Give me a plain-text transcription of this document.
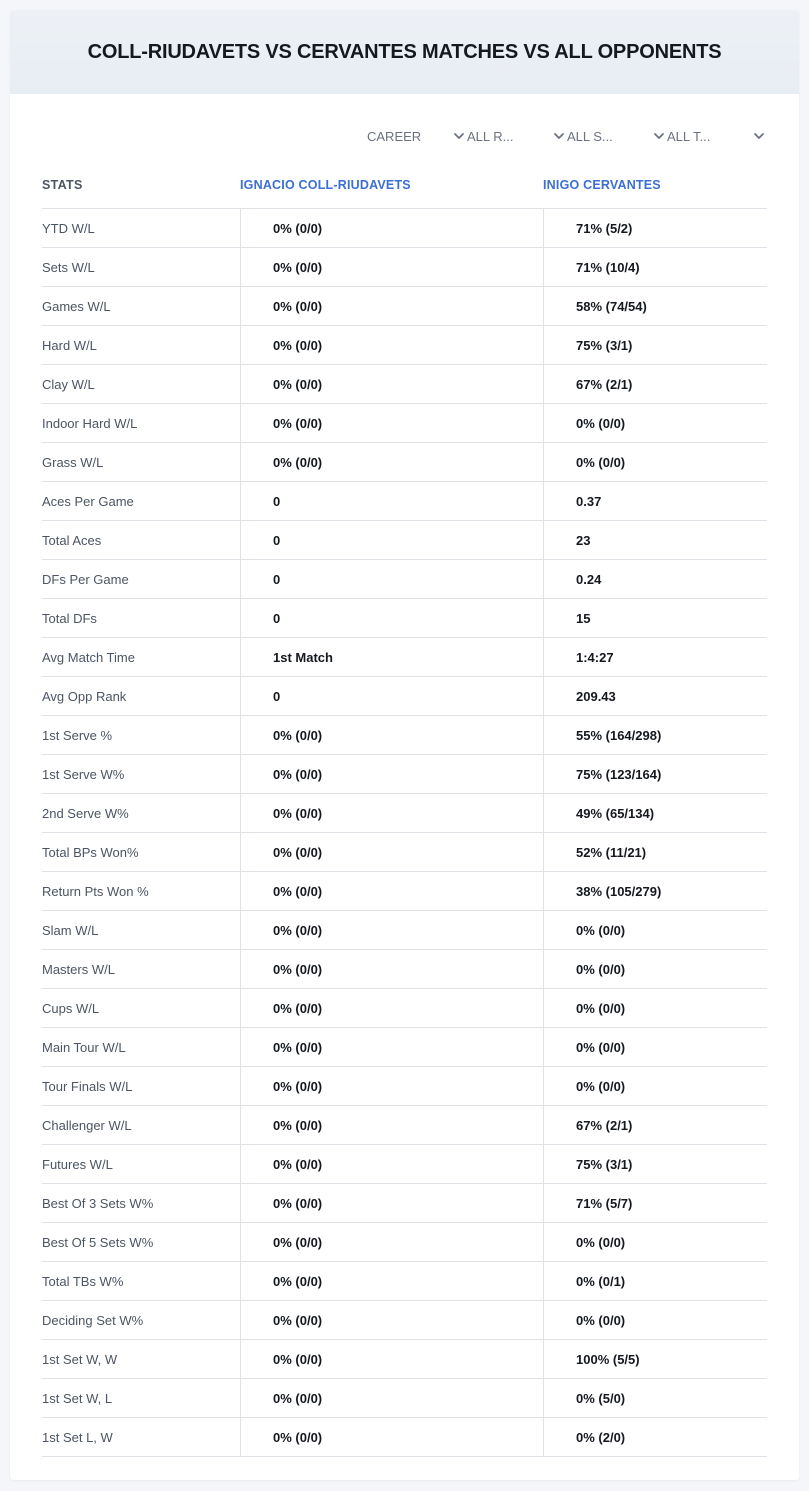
COLL-RIUDAVETS VS CERVANTES MATCHES VS ALL OPPONENTS
CAREER	ALL R...	ALL S...	ALL T...
STATS	IGNACIO COLL-RIUDAVETS	INIGO CERVANTES
YTD W/L	0% (0/0)	71% (5/2)
Sets W/L	0% (0/0)	71% (10/4)
Games W/L	0% (0/0)	58% (74/54)
Hard W/L	0% (0/0)	75% (3/1)
Clay W/L	0% (0/0)	67% (2/1)
Indoor Hard W/L	0% (0/0)	0% (0/0)
Grass W/L	0% (0/0)	0% (0/0)
Aces Per Game	0	0.37
Total Aces	0	23
DFs Per Game	0	0.24
Total DFs	0	15
Avg Match Time	1st Match	1:4:27
Avg Opp Rank	0	209.43
1st Serve %	0% (0/0)	55% (164/298)
1st Serve W%	0% (0/0)	75% (123/164)
2nd Serve W%	0% (0/0)	49% (65/134)
Total BPs Won%	0% (0/0)	52% (11/21)
Return Pts Won %	0% (0/0)	38% (105/279)
Slam W/L	0% (0/0)	0% (0/0)
Masters W/L	0% (0/0)	0% (0/0)
Cups W/L	0% (0/0)	0% (0/0)
Main Tour W/L	0% (0/0)	0% (0/0)
Tour Finals W/L	0% (0/0)	0% (0/0)
Challenger W/L	0% (0/0)	67% (2/1)
Futures W/L	0% (0/0)	75% (3/1)
Best Of 3 Sets W%	0% (0/0)	71% (5/7)
Best Of 5 Sets W%	0% (0/0)	0% (0/0)
Total TBs W%	0% (0/0)	0% (0/1)
Deciding Set W%	0% (0/0)	0% (0/0)
1st Set W, W	0% (0/0)	100% (5/5)
1st Set W, L	0% (0/0)	0% (5/0)
1st Set L, W	0% (0/0)	0% (2/0)
